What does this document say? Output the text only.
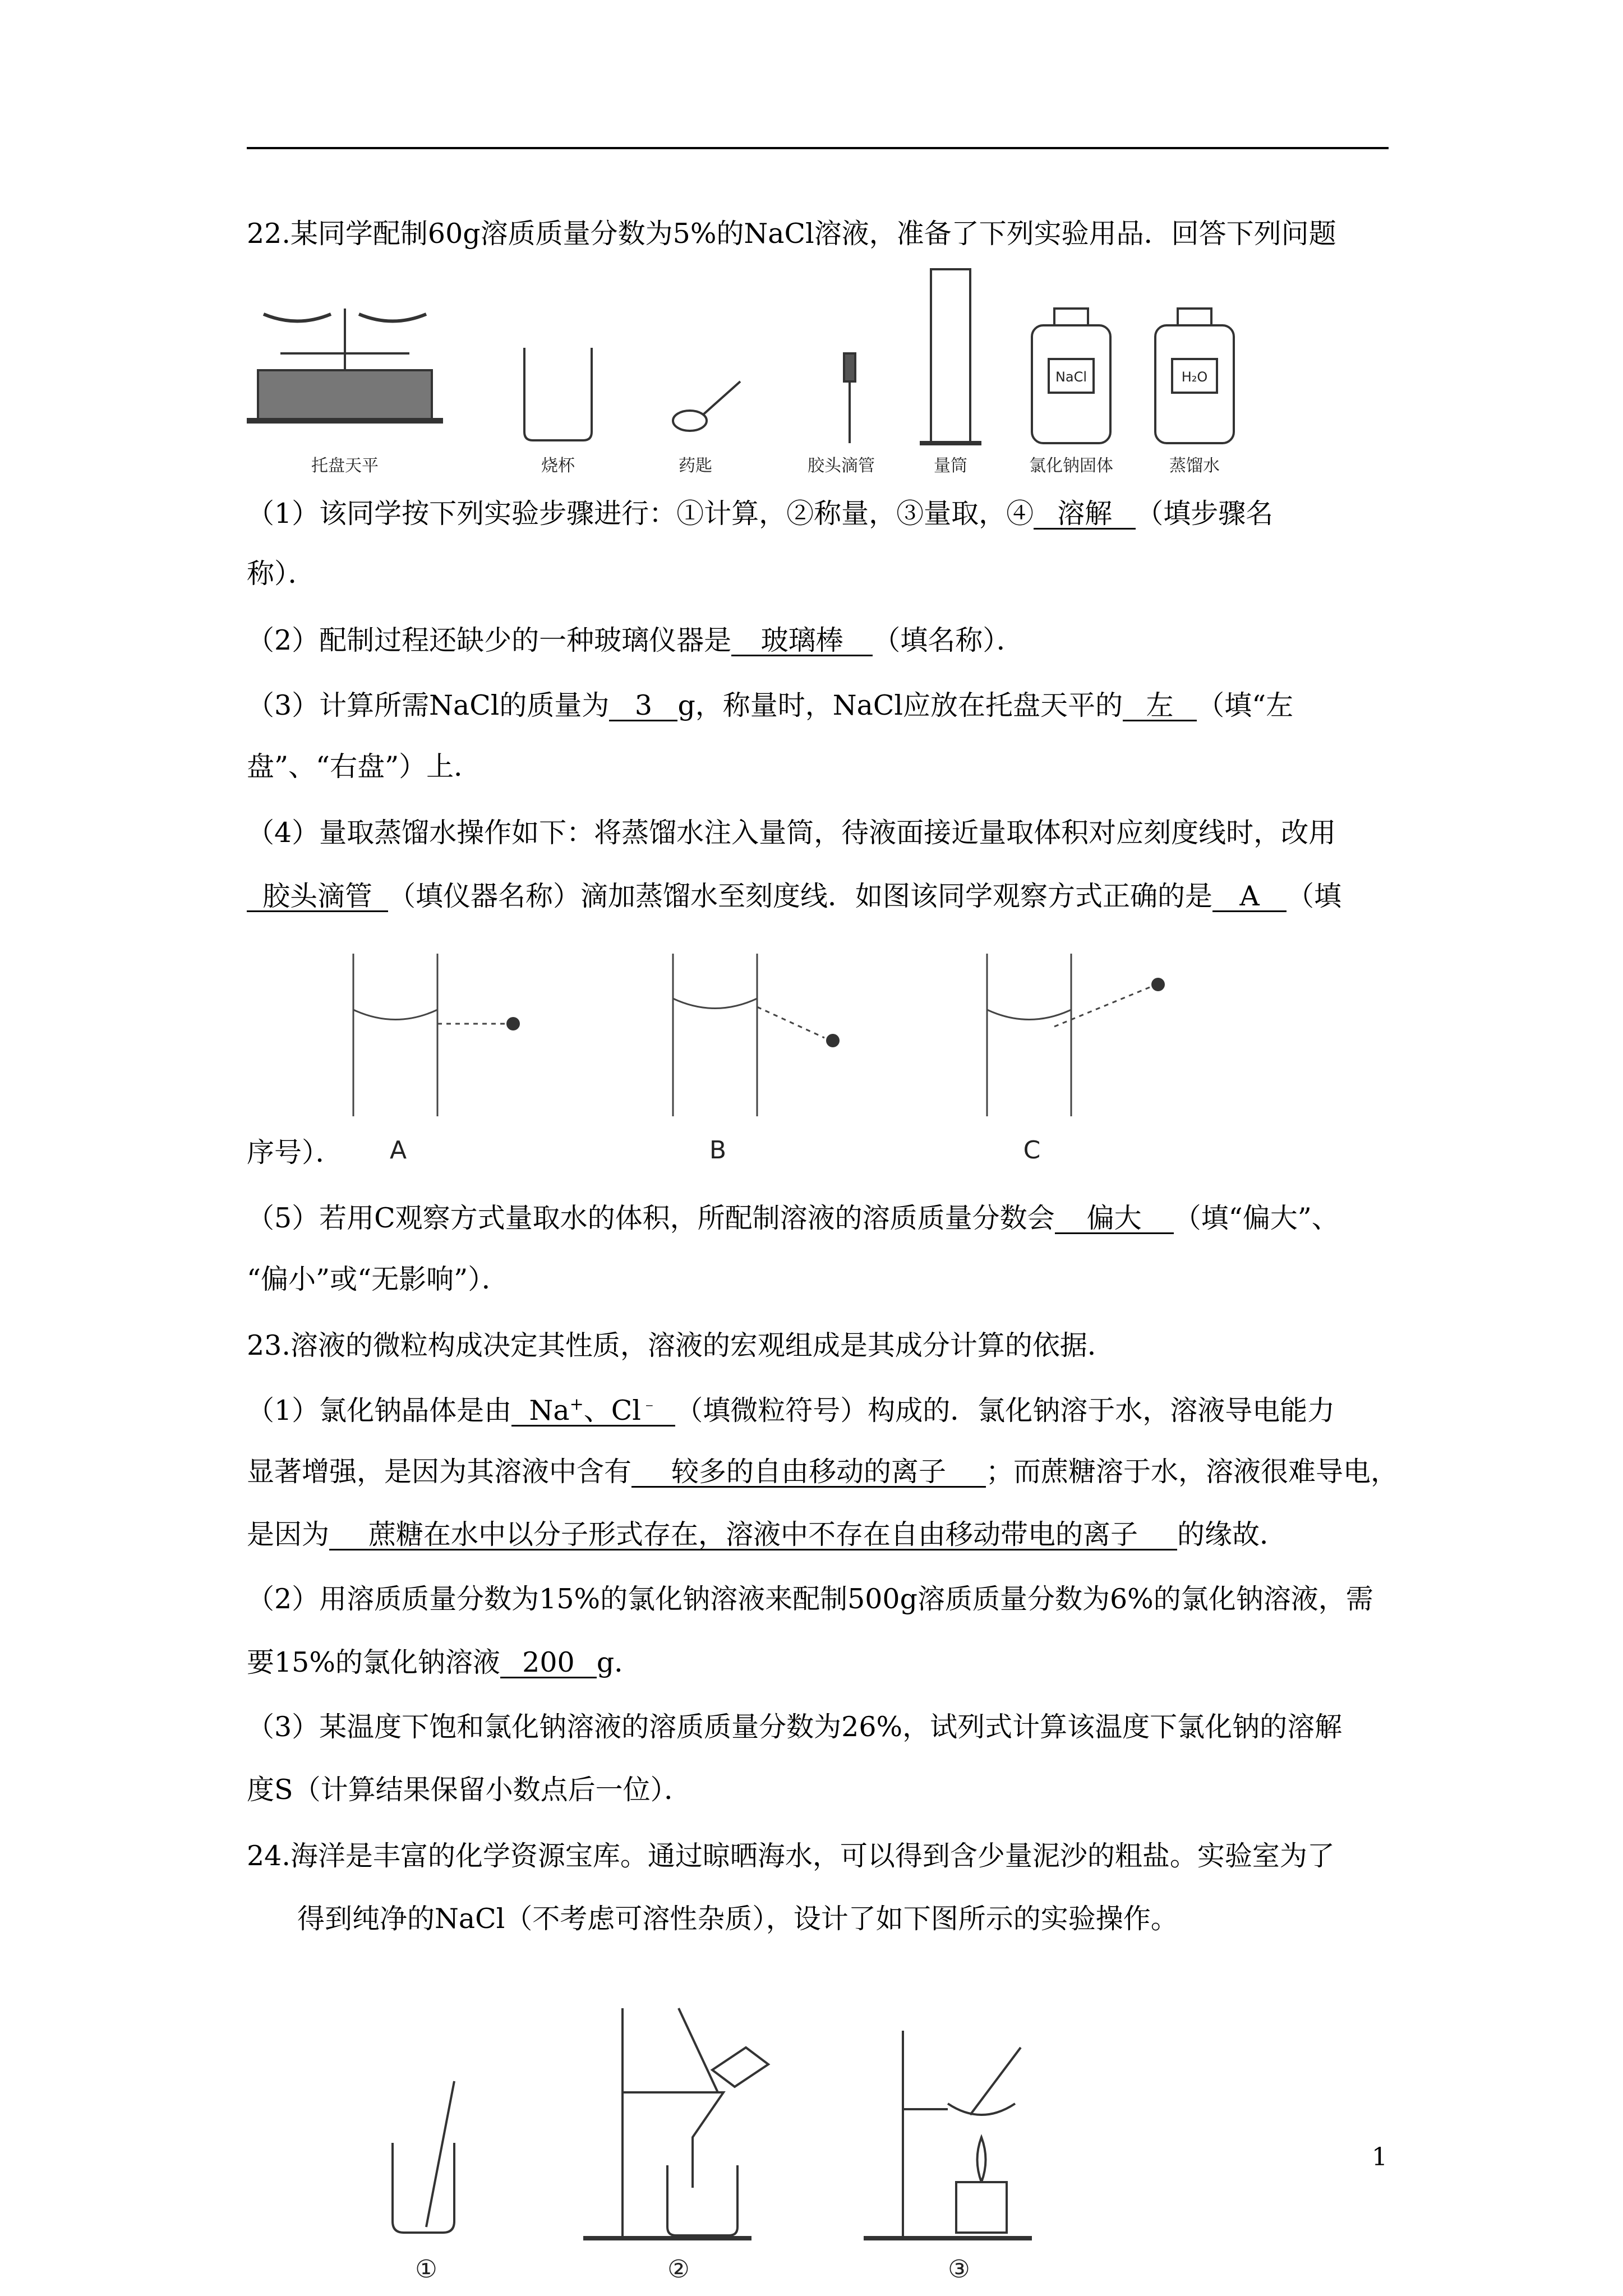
22.某同学配制60g溶质质量分数为5%的NaCl溶液，准备了下列实验用品．回答下列问题
NaCl	H₂O
托盘天平	烧杯	药匙	胶头滴管	量筒	氯化钠固体	蒸馏水
（1）该同学按下列实验步骤进行：①计算，②称量，③量取，④ 溶解 （填步骤名
称）．
（2）配制过程还缺少的一种玻璃仪器是 玻璃棒 （填名称）．
（3）计算所需NaCl的质量为 3 g，称量时，NaCl应放在托盘天平的 左 （填“左
盘”、“右盘”）上．
（4）量取蒸馏水操作如下：将蒸馏水注入量筒，待液面接近量取体积对应刻度线时，改用
胶头滴管 （填仪器名称）滴加蒸馏水至刻度线．如图该同学观察方式正确的是 A （填
A	B	C
序号）．
（5）若用C观察方式量取水的体积，所配制溶液的溶质质量分数会 偏大 （填“偏大”、
“偏小”或“无影响”）．
23.溶液的微粒构成决定其性质，溶液的宏观组成是其成分计算的依据．
（1）氯化钠晶体是由 Na+、Cl﹣ （填微粒符号）构成的．氯化钠溶于水，溶液导电能力
显著增强，是因为其溶液中含有 较多的自由移动的离子 ；而蔗糖溶于水，溶液很难导电，
是因为 蔗糖在水中以分子形式存在，溶液中不存在自由移动带电的离子 的缘故．
（2）用溶质质量分数为15%的氯化钠溶液来配制500g溶质质量分数为6%的氯化钠溶液，需
要15%的氯化钠溶液 200 g．
（3）某温度下饱和氯化钠溶液的溶质质量分数为26%，试列式计算该温度下氯化钠的溶解
度S（计算结果保留小数点后一位）．
24.海洋是丰富的化学资源宝库。通过晾晒海水，可以得到含少量泥沙的粗盐。实验室为了
得到纯净的NaCl（不考虑可溶性杂质），设计了如下图所示的实验操作。
①	②	③
1
